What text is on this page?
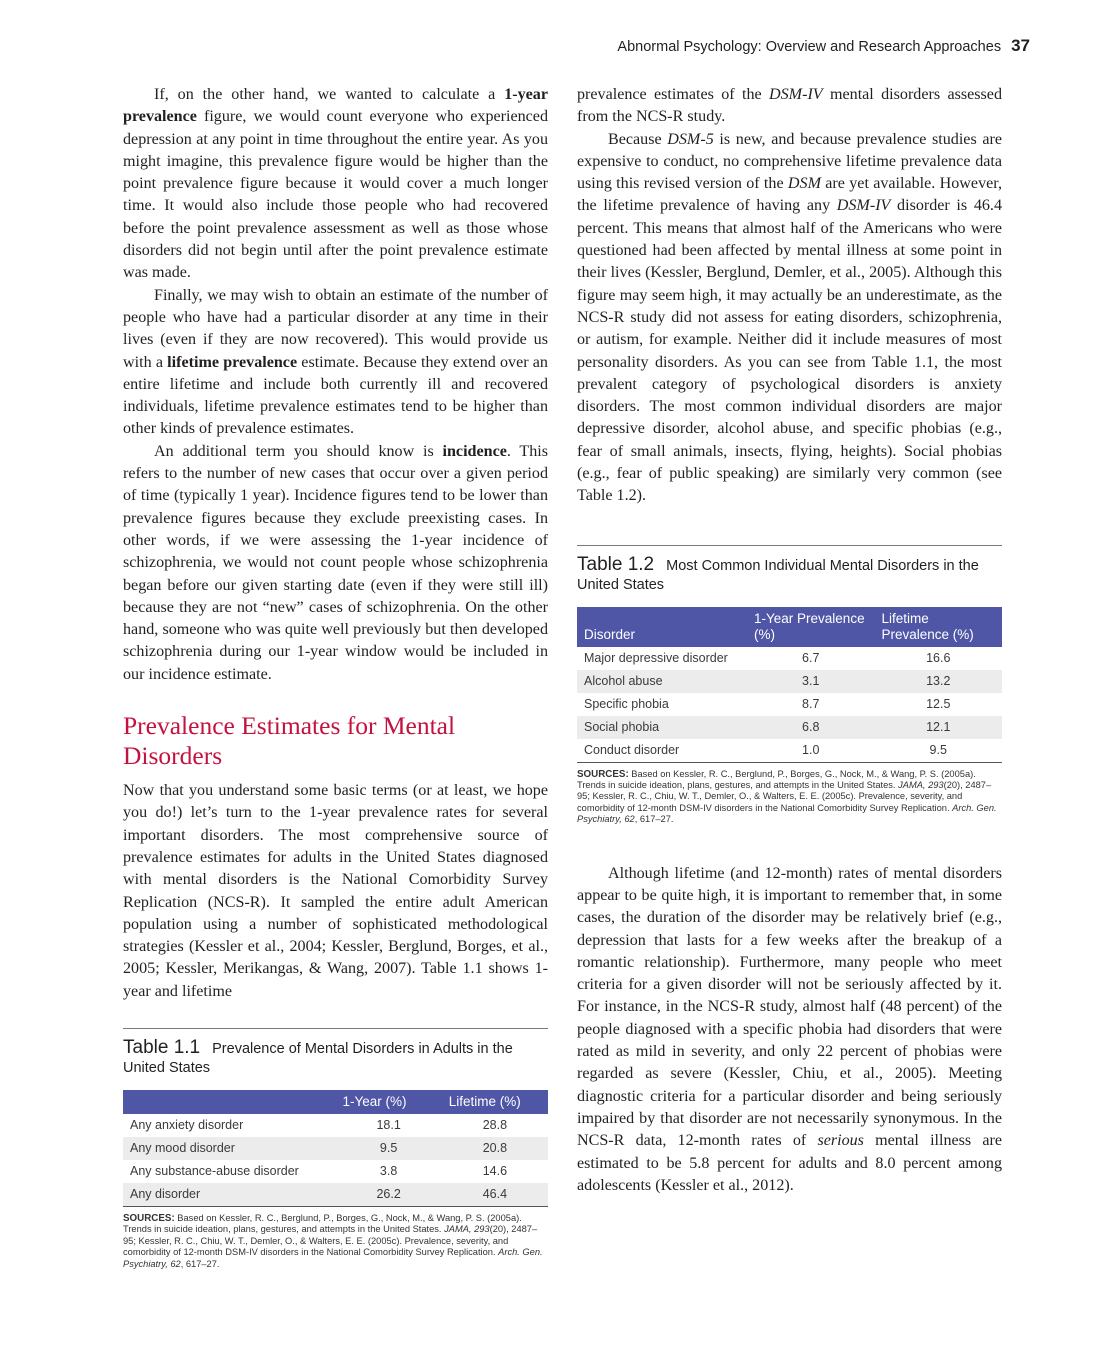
Abnormal Psychology: Overview and Research Approaches 37

If, on the other hand, we wanted to calculate a 1-year prevalence figure, we would count everyone who experienced depression at any point in time throughout the entire year. As you might imagine, this prevalence figure would be higher than the point prevalence figure because it would cover a much longer time. It would also include those people who had recovered before the point prevalence assessment as well as those whose disorders did not begin until after the point prevalence estimate was made.

Finally, we may wish to obtain an estimate of the number of people who have had a particular disorder at any time in their lives (even if they are now recovered). This would provide us with a lifetime prevalence estimate. Because they extend over an entire lifetime and include both currently ill and recovered individuals, lifetime prevalence estimates tend to be higher than other kinds of prevalence estimates.

An additional term you should know is incidence. This refers to the number of new cases that occur over a given period of time (typically 1 year). Incidence figures tend to be lower than prevalence figures because they exclude preexisting cases. In other words, if we were assessing the 1-year incidence of schizophrenia, we would not count people whose schizophrenia began before our given starting date (even if they were still ill) because they are not “new” cases of schizophrenia. On the other hand, someone who was quite well previously but then developed schizophrenia during our 1-year window would be included in our incidence estimate.

Prevalence Estimates for Mental Disorders

Now that you understand some basic terms (or at least, we hope you do!) let’s turn to the 1-year prevalence rates for several important disorders. The most comprehensive source of prevalence estimates for adults in the United States diagnosed with mental disorders is the National Comorbidity Survey Replication (NCS-R). It sampled the entire adult American population using a number of sophisticated methodological strategies (Kessler et al., 2004; Kessler, Berglund, Borges, et al., 2005; Kessler, Merikangas, & Wang, 2007). Table 1.1 shows 1-year and lifetime

Table 1.1 Prevalence of Mental Disorders in Adults in the United States
	1-Year (%)	Lifetime (%)
Any anxiety disorder	18.1	28.8
Any mood disorder	9.5	20.8
Any substance-abuse disorder	3.8	14.6
Any disorder	26.2	46.4
SOURCES: Based on Kessler, R. C., Berglund, P., Borges, G., Nock, M., & Wang, P. S. (2005a). Trends in suicide ideation, plans, gestures, and attempts in the United States. JAMA, 293(20), 2487–95; Kessler, R. C., Chiu, W. T., Demler, O., & Walters, E. E. (2005c). Prevalence, severity, and comorbidity of 12-month DSM-IV disorders in the National Comorbidity Survey Replication. Arch. Gen. Psychiatry, 62, 617–27.

prevalence estimates of the DSM-IV mental disorders assessed from the NCS-R study.

Because DSM-5 is new, and because prevalence studies are expensive to conduct, no comprehensive lifetime prevalence data using this revised version of the DSM are yet available. However, the lifetime prevalence of having any DSM-IV disorder is 46.4 percent. This means that almost half of the Americans who were questioned had been affected by mental illness at some point in their lives (Kessler, Berglund, Demler, et al., 2005). Although this figure may seem high, it may actually be an underestimate, as the NCS-R study did not assess for eating disorders, schizophrenia, or autism, for example. Neither did it include measures of most personality disorders. As you can see from Table 1.1, the most prevalent category of psychological disorders is anxiety disorders. The most common individual disorders are major depressive disorder, alcohol abuse, and specific phobias (e.g., fear of small animals, insects, flying, heights). Social phobias (e.g., fear of public speaking) are similarly very common (see Table 1.2).

Table 1.2 Most Common Individual Mental Disorders in the United States
Disorder	1-Year Prevalence (%)	Lifetime Prevalence (%)
Major depressive disorder	6.7	16.6
Alcohol abuse	3.1	13.2
Specific phobia	8.7	12.5
Social phobia	6.8	12.1
Conduct disorder	1.0	9.5
SOURCES: Based on Kessler, R. C., Berglund, P., Borges, G., Nock, M., & Wang, P. S. (2005a). Trends in suicide ideation, plans, gestures, and attempts in the United States. JAMA, 293(20), 2487–95; Kessler, R. C., Chiu, W. T., Demler, O., & Walters, E. E. (2005c). Prevalence, severity, and comorbidity of 12-month DSM-IV disorders in the National Comorbidity Survey Replication. Arch. Gen. Psychiatry, 62, 617–27.

Although lifetime (and 12-month) rates of mental disorders appear to be quite high, it is important to remember that, in some cases, the duration of the disorder may be relatively brief (e.g., depression that lasts for a few weeks after the breakup of a romantic relationship). Furthermore, many people who meet criteria for a given disorder will not be seriously affected by it. For instance, in the NCS-R study, almost half (48 percent) of the people diagnosed with a specific phobia had disorders that were rated as mild in severity, and only 22 percent of phobias were regarded as severe (Kessler, Chiu, et al., 2005). Meeting diagnostic criteria for a particular disorder and being seriously impaired by that disorder are not necessarily synonymous. In the NCS-R data, 12-month rates of serious mental illness are estimated to be 5.8 percent for adults and 8.0 percent among adolescents (Kessler et al., 2012).
